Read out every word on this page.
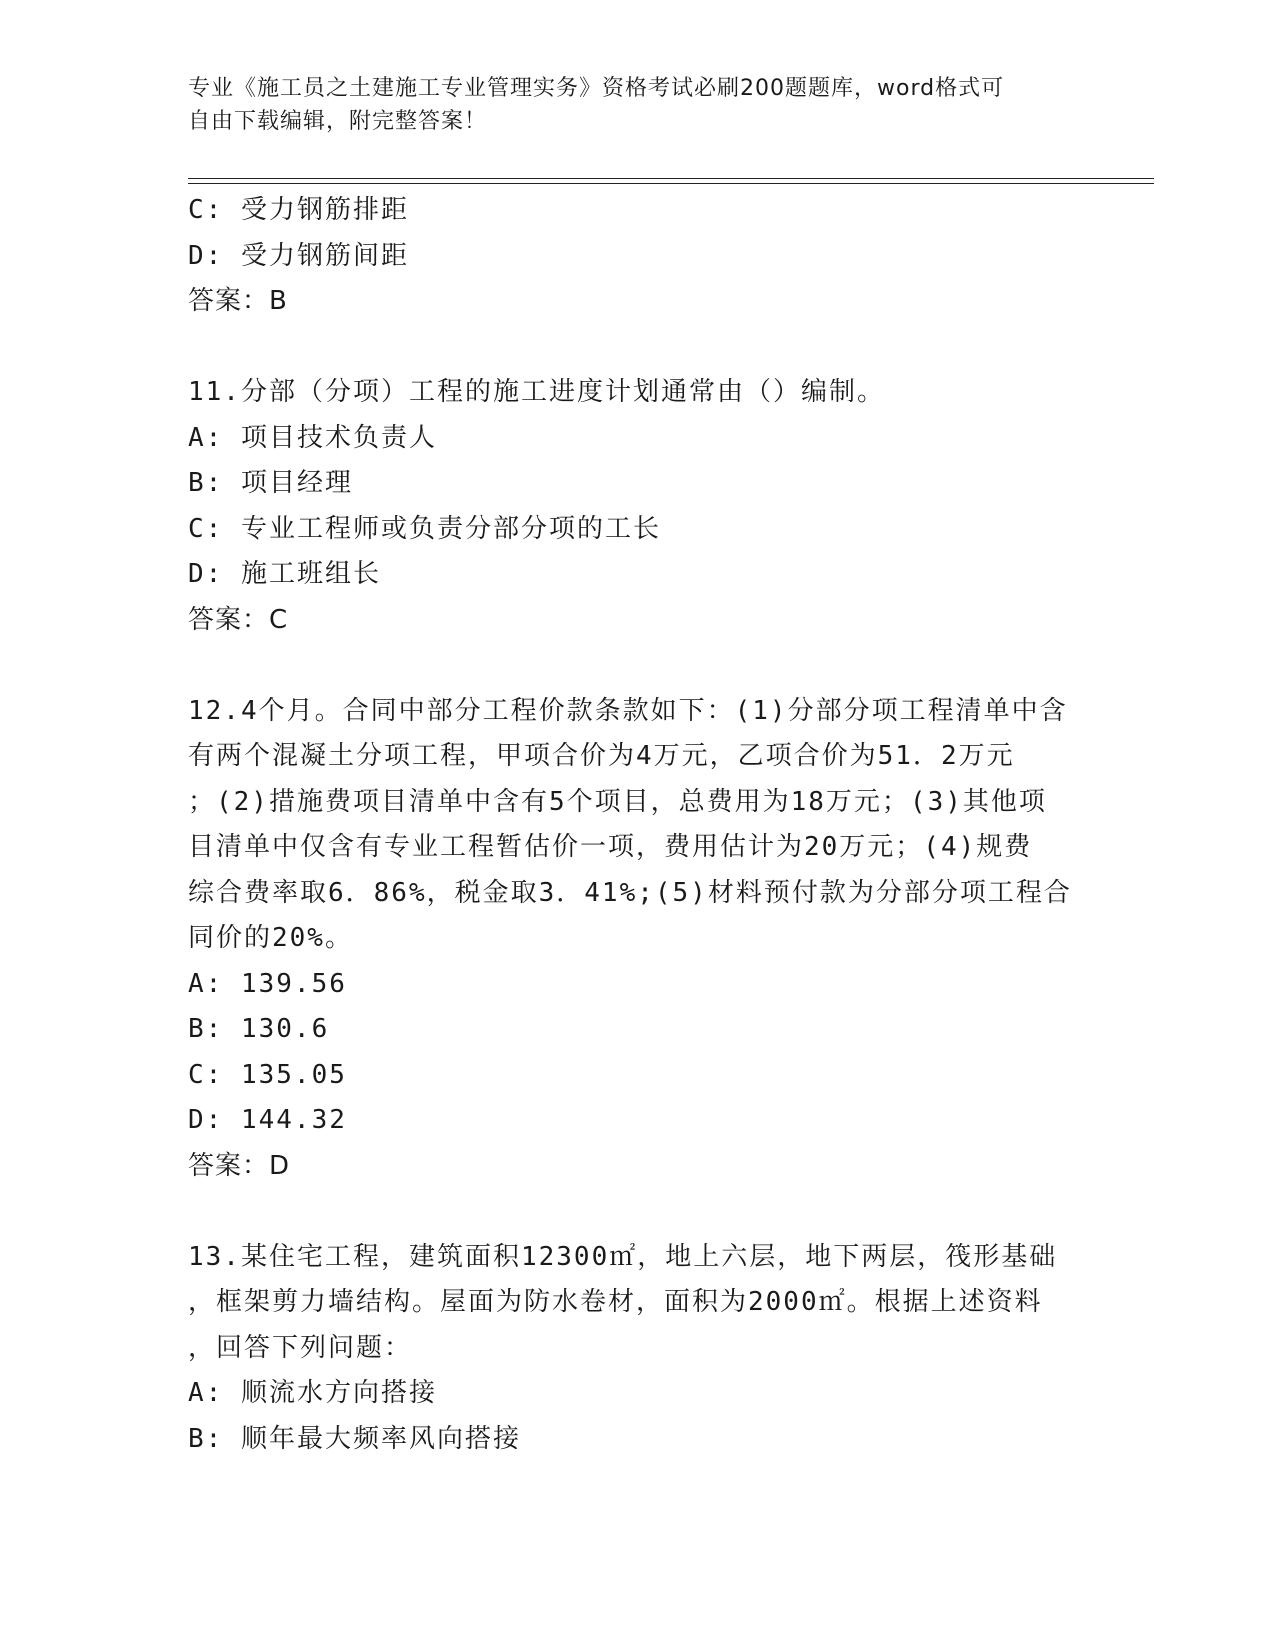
专业《施工员之土建施工专业管理实务》资格考试必刷200题题库，word格式可
自由下载编辑，附完整答案！
C: 受力钢筋排距
D: 受力钢筋间距
答案：B
11.分部（分项）工程的施工进度计划通常由（）编制。
A: 项目技术负责人
B: 项目经理
C: 专业工程师或负责分部分项的工长
D: 施工班组长
答案：C
12.4个月。合同中部分工程价款条款如下：(1)分部分项工程清单中含
有两个混凝土分项工程，甲项合价为4万元，乙项合价为51．2万元
；(2)措施费项目清单中含有5个项目，总费用为18万元；(3)其他项
目清单中仅含有专业工程暂估价一项，费用估计为20万元；(4)规费
综合费率取6．86%，税金取3．41%;(5)材料预付款为分部分项工程合
同价的20%。
A: 139.56
B: 130.6
C: 135.05
D: 144.32
答案：D
13.某住宅工程，建筑面积12300㎡，地上六层，地下两层，筏形基础
，框架剪力墙结构。屋面为防水卷材，面积为2000㎡。根据上述资料
，回答下列问题：
A: 顺流水方向搭接
B: 顺年最大频率风向搭接
